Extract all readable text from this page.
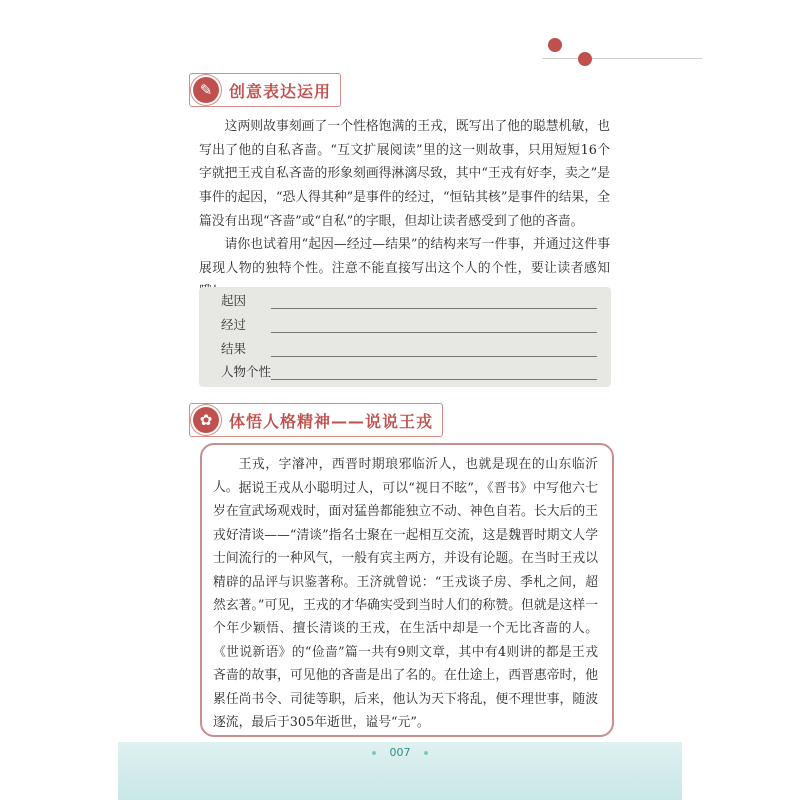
✎	创意表达运用

这两则故事刻画了一个性格饱满的王戎，既写出了他的聪慧机敏，也写出了他的自私吝啬。“互文扩展阅读”里的这一则故事，只用短短16个字就把王戎自私吝啬的形象刻画得淋漓尽致，其中“王戎有好李，卖之”是事件的起因，“恐人得其种”是事件的经过，“恒钻其核”是事件的结果，全篇没有出现“吝啬”或“自私”的字眼，但却让读者感受到了他的吝啬。

请你也试着用“起因—经过—结果”的结构来写一件事，并通过这件事展现人物的独特个性。注意不能直接写出这个人的个性，要让读者感知

起因
经过
结果
人物个性
✿	体悟人格精神——说说王戎

王戎，字濬冲，西晋时期琅邪临沂人，也就是现在的山东临沂人。 据说王戎从小聪明过人，可以“视日不眩”，《晋书》中写他六七岁在宣武场观戏时，面对猛兽都能独立不动、神色自若。长大后的王戎好清谈——“清谈”指名士聚在一起相互交流，这是魏晋时期文人学士间流行的一种风气，一般有宾主两方，并设有论题。在当时王戎以精辟的品评与识鉴著称。王济就曾说：“王戎谈子房、季札之间，超然玄著。”可见，王戎的才华确实受到当时人们的称赞。但就是这样一个年少颖悟、擅长清谈的王戎，在生活中却是一个无比吝啬的人。《世说新语》的“俭啬”篇一共有9则文章，其中有4则讲的都是王戎吝啬的故事，可见他的吝啬是出了名的。在仕途上，西晋惠帝时，他累任尚书令、司徒等职，后来，他认为天下将乱，便不理世事，随波逐流，最后于305年逝世，谥号“元”。

007
